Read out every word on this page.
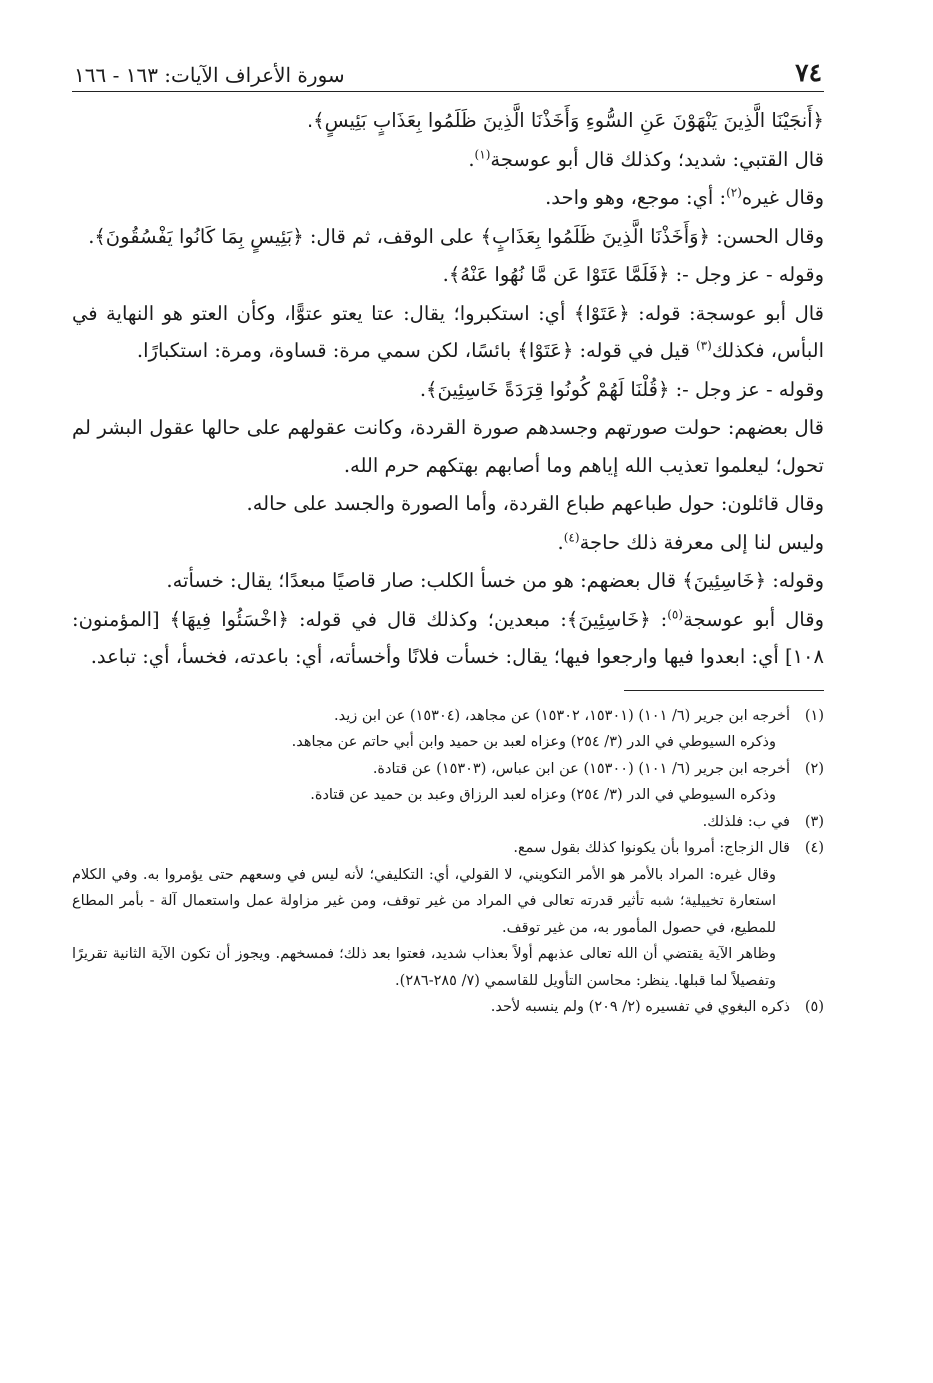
٧٤
سورة الأعراف الآيات: ١٦٣ - ١٦٦

﴿أَنجَيْنَا الَّذِينَ يَنْهَوْنَ عَنِ السُّوءِ وَأَخَذْنَا الَّذِينَ ظَلَمُوا بِعَذَابٍ بَئِيسٍ﴾.

قال القتبي: شديد؛ وكذلك قال أبو عوسجة$^{(١)}$.

وقال غيره$^{(٢)}$: أي: موجع، وهو واحد.

وقال الحسن: ﴿وَأَخَذْنَا الَّذِينَ ظَلَمُوا بِعَذَابٍ﴾ على الوقف، ثم قال: ﴿بَئِيسٍ بِمَا كَانُوا يَفْسُقُونَ﴾.

وقوله - عز وجل -: ﴿فَلَمَّا عَتَوْا عَن مَّا نُهُوا عَنْهُ﴾.

قال أبو عوسجة: قوله: ﴿عَتَوْا﴾ أي: استكبروا؛ يقال: عتا يعتو عتوًّا، وكأن العتو هو النهاية في البأس، فكذلك$^{(٣)}$ قيل في قوله: ﴿عَتَوْا﴾ بائسًا، لكن سمي مرة: قساوة، ومرة: استكبارًا.

وقوله - عز وجل -: ﴿قُلْنَا لَهُمْ كُونُوا قِرَدَةً خَاسِئِينَ﴾.

قال بعضهم: حولت صورتهم وجسدهم صورة القردة، وكانت عقولهم على حالها عقول البشر لم تحول؛ ليعلموا تعذيب الله إياهم وما أصابهم بهتكهم حرم الله.

وقال قائلون: حول طباعهم طباع القردة، وأما الصورة والجسد على حاله.

وليس لنا إلى معرفة ذلك حاجة$^{(٤)}$.

وقوله: ﴿خَاسِئِينَ﴾ قال بعضهم: هو من خسأ الكلب: صار قاصيًا مبعدًا؛ يقال: خسأته.

وقال أبو عوسجة$^{(٥)}$: ﴿خَاسِئِينَ﴾: مبعدين؛ وكذلك قال في قوله: ﴿اخْسَئُوا فِيهَا﴾ [المؤمنون: ١٠٨] أي: ابعدوا فيها وارجعوا فيها؛ يقال: خسأت فلانًا وأخسأته، أي: باعدته، فخسأ، أي: تباعد.

(١)
أخرجه ابن جرير (٦/ ١٠١) (١٥٣٠١، ١٥٣٠٢) عن مجاهد، (١٥٣٠٤) عن ابن زيد.
وذكره السيوطي في الدر (٣/ ٢٥٤) وعزاه لعبد بن حميد وابن أبي حاتم عن مجاهد.
(٢)
أخرجه ابن جرير (٦/ ١٠١) (١٥٣٠٠) عن ابن عباس، (١٥٣٠٣) عن قتادة.
وذكره السيوطي في الدر (٣/ ٢٥٤) وعزاه لعبد الرزاق وعبد بن حميد عن قتادة.
(٣)
في ب: فلذلك.
(٤)
قال الزجاج: أمروا بأن يكونوا كذلك بقول سمع.
وقال غيره: المراد بالأمر هو الأمر التكويني، لا القولي، أي: التكليفي؛ لأنه ليس في وسعهم حتى يؤمروا به. وفي الكلام استعارة تخييلية؛ شبه تأثير قدرته تعالى في المراد من غير توقف، ومن غير مزاولة عمل واستعمال آلة - بأمر المطاع للمطيع، في حصول المأمور به، من غير توقف.
وظاهر الآية يقتضي أن الله تعالى عذبهم أولاً بعذاب شديد، فعتوا بعد ذلك؛ فمسخهم. ويجوز أن تكون الآية الثانية تقريرًا وتفصيلاً لما قبلها. ينظر: محاسن التأويل للقاسمي (٧/ ٢٨٥-٢٨٦).
(٥)
ذكره البغوي في تفسيره (٢/ ٢٠٩) ولم ينسبه لأحد.
